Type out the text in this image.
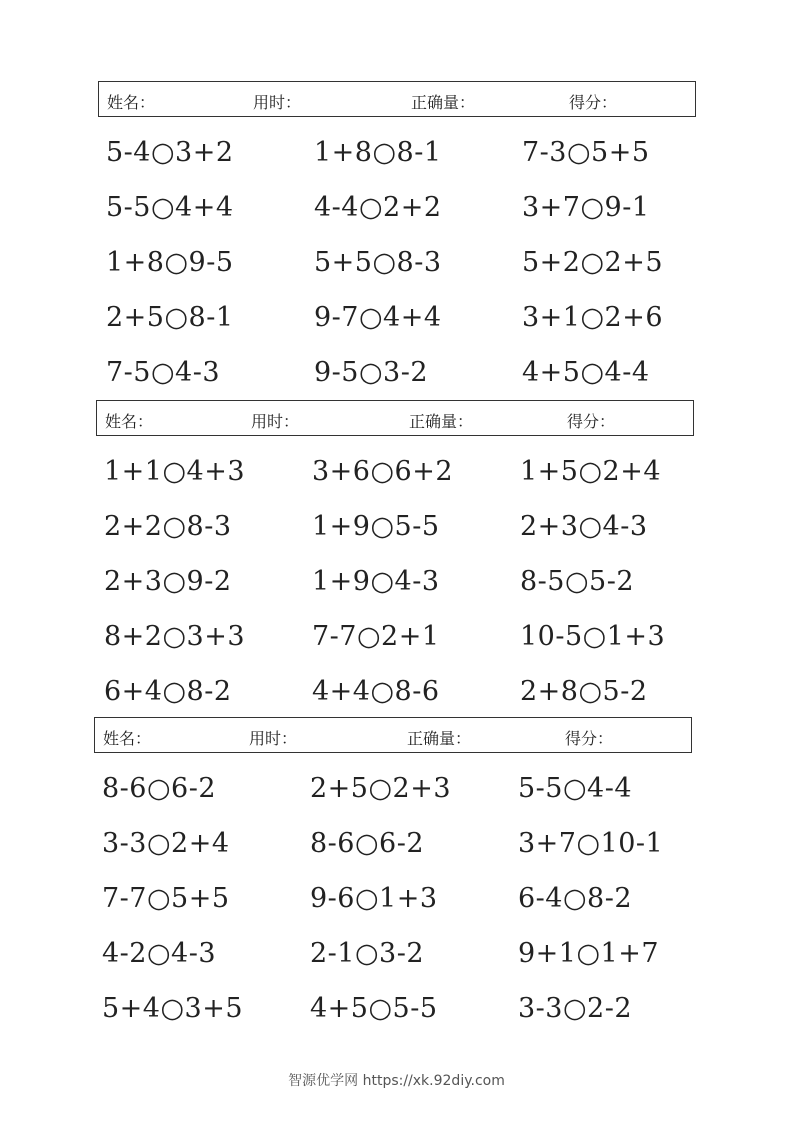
姓名：	用时：	正确量：	得分：
5-4○3+2	1+8○8-1	7-3○5+5
5-5○4+4	4-4○2+2	3+7○9-1
1+8○9-5	5+5○8-3	5+2○2+5
2+5○8-1	9-7○4+4	3+1○2+6
7-5○4-3	9-5○3-2	4+5○4-4
姓名：	用时：	正确量：	得分：
1+1○4+3 3+6○6+2 1+5○2+4
2+2○8-3	1+9○5-5	2+3○4-3
2+3○9-2	1+9○4-3	8-5○5-2
8+2○3+3 7-7○2+1	10-5○1+3
6+4○8-2	4+4○8-6	2+8○5-2
姓名：	用时：	正确量：	得分：
8-6○6-2	2+5○2+3 5-5○4-4
3-3○2+4	8-6○6-2	3+7○10-1
7-7○5+5	9-6○1+3	6-4○8-2
4-2○4-3	2-1○3-2	9+1○1+7
5+4○3+5 4+5○5-5	3-3○2-2
智源优学网 https://xk.92diy.com
